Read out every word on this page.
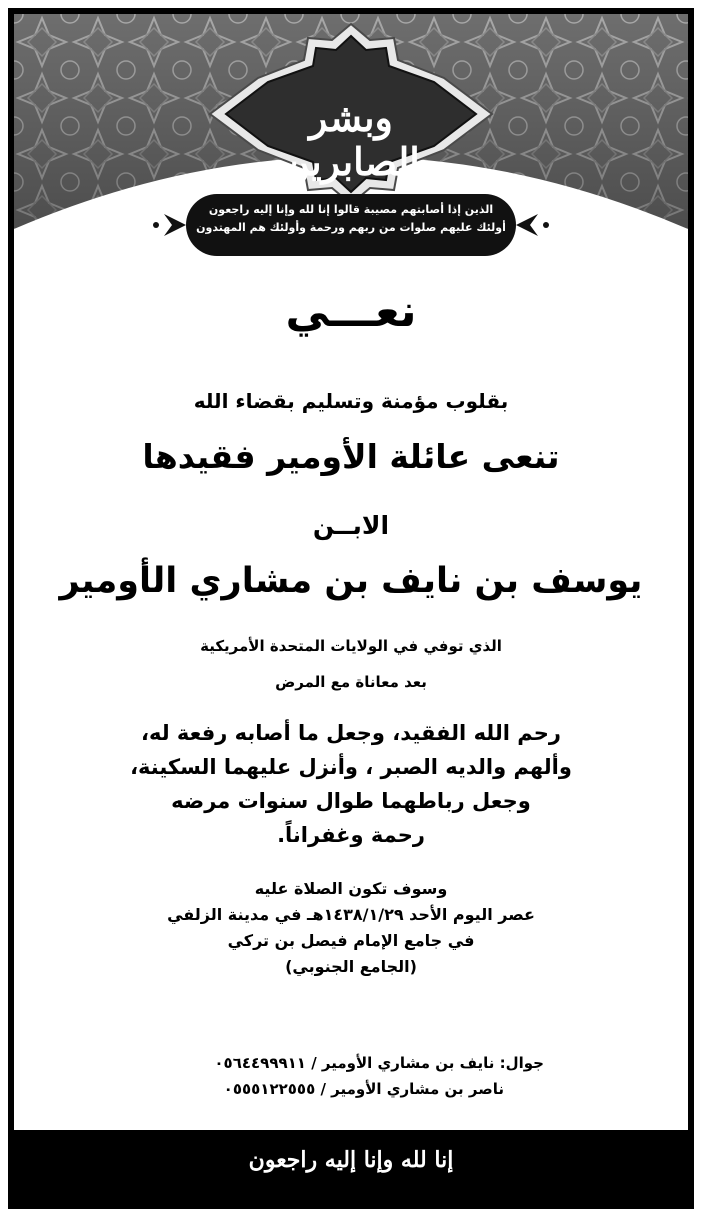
وبشر الصابرين
الذين إذا أصابتهم مصيبة قالوا إنا لله وإنا إليه راجعون
أولئك عليهم صلوات من ربهم ورحمة وأولئك هم المهتدون
نعـــي
بقلوب مؤمنة وتسليم بقضاء الله
تنعى عائلة الأومير فقيدها
الابــن
يوسف بن نايف بن مشاري الأومير
الذي توفي في الولايات المتحدة الأمريكية
بعد معاناة مع المرض
رحم الله الفقيد، وجعل ما أصابه رفعة له،
وألهم والديه الصبر ، وأنزل عليهما السكينة،
وجعل رباطهما طوال سنوات مرضه
رحمة وغفراناً.
وسوف تكون الصلاة عليه
عصر اليوم الأحد ١٤٣٨/١/٢٩هـ في مدينة الزلفي
في جامع الإمام فيصل بن تركي
(الجامع الجنوبي)
جوال: نايف بن مشاري الأومير / ٠٥٦٤٤٩٩٩١١
ناصر بن مشاري الأومير / ٠٥٥٥١٢٢٥٥٥
إنا لله وإنا إليه راجعون
